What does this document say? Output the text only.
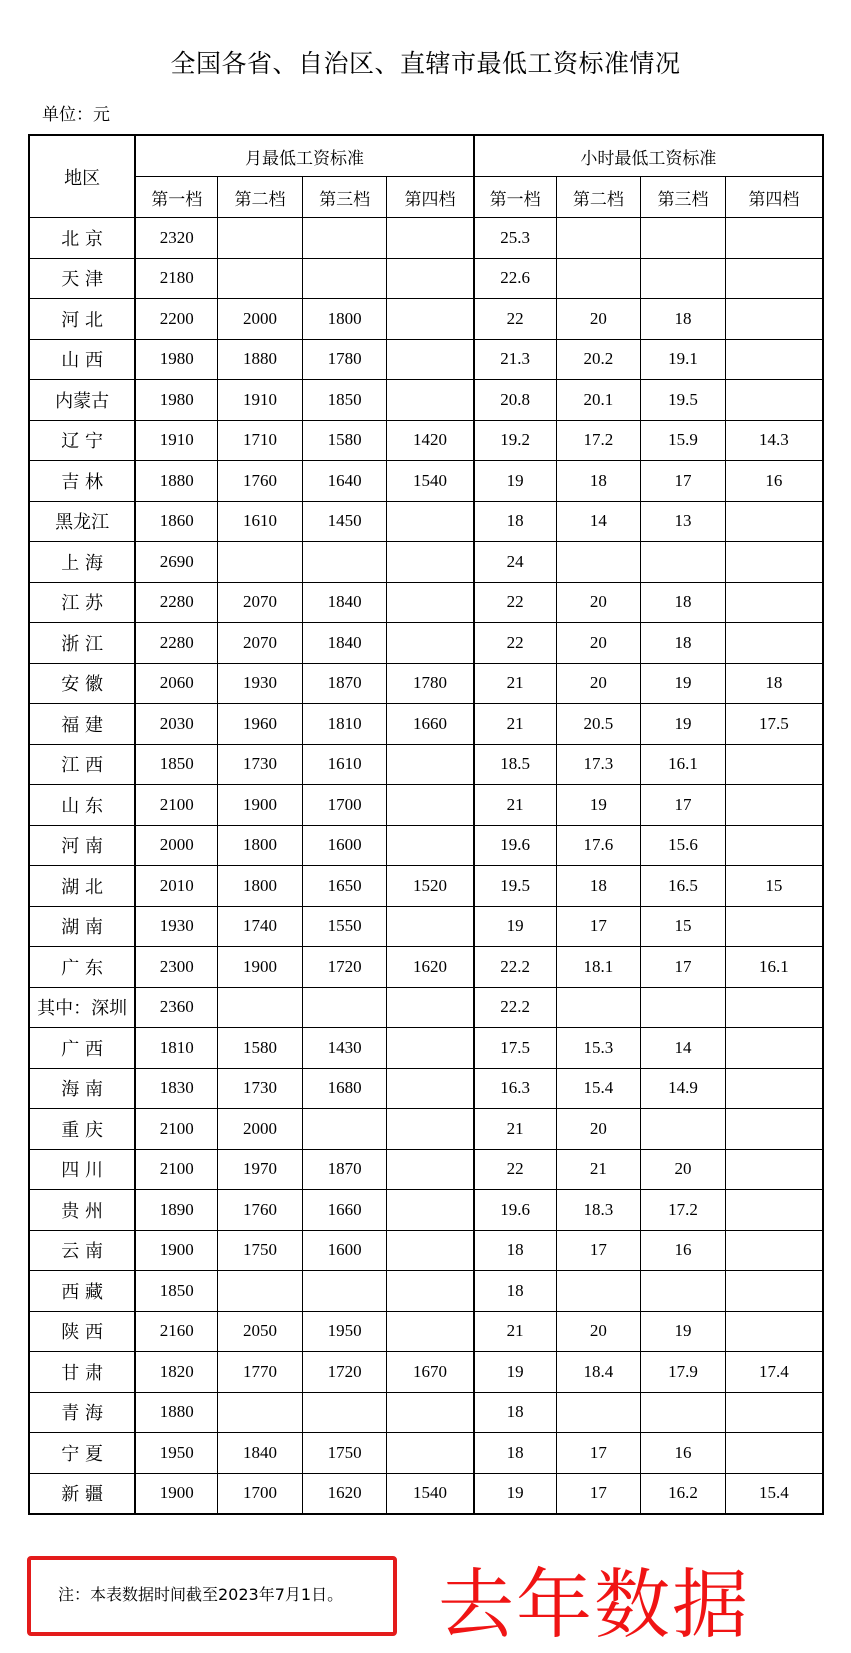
全国各省、自治区、直辖市最低工资标准情况
单位：元
地区	月最低工资标准				小时最低工资标准			
	第一档	第二档	第三档	第四档	第一档	第二档	第三档	第四档
北 京	2320				25.3			
天 津	2180				22.6			
河 北	2200	2000	1800		22	20	18	
山 西	1980	1880	1780		21.3	20.2	19.1	
内蒙古	1980	1910	1850		20.8	20.1	19.5	
辽 宁	1910	1710	1580	1420	19.2	17.2	15.9	14.3
吉 林	1880	1760	1640	1540	19	18	17	16
黑龙江	1860	1610	1450		18	14	13	
上 海	2690				24			
江 苏	2280	2070	1840		22	20	18	
浙 江	2280	2070	1840		22	20	18	
安 徽	2060	1930	1870	1780	21	20	19	18
福 建	2030	1960	1810	1660	21	20.5	19	17.5
江 西	1850	1730	1610		18.5	17.3	16.1	
山 东	2100	1900	1700		21	19	17	
河 南	2000	1800	1600		19.6	17.6	15.6	
湖 北	2010	1800	1650	1520	19.5	18	16.5	15
湖 南	1930	1740	1550		19	17	15	
广 东	2300	1900	1720	1620	22.2	18.1	17	16.1
其中：深圳	2360				22.2			
广 西	1810	1580	1430		17.5	15.3	14	
海 南	1830	1730	1680		16.3	15.4	14.9	
重 庆	2100	2000			21	20		
四 川	2100	1970	1870		22	21	20	
贵 州	1890	1760	1660		19.6	18.3	17.2	
云 南	1900	1750	1600		18	17	16	
西 藏	1850				18			
陕 西	2160	2050	1950		21	20	19	
甘 肃	1820	1770	1720	1670	19	18.4	17.9	17.4
青 海	1880				18			
宁 夏	1950	1840	1750		18	17	16	
新 疆	1900	1700	1620	1540	19	17	16.2	15.4
注：本表数据时间截至2023年7月1日。 去年数据
